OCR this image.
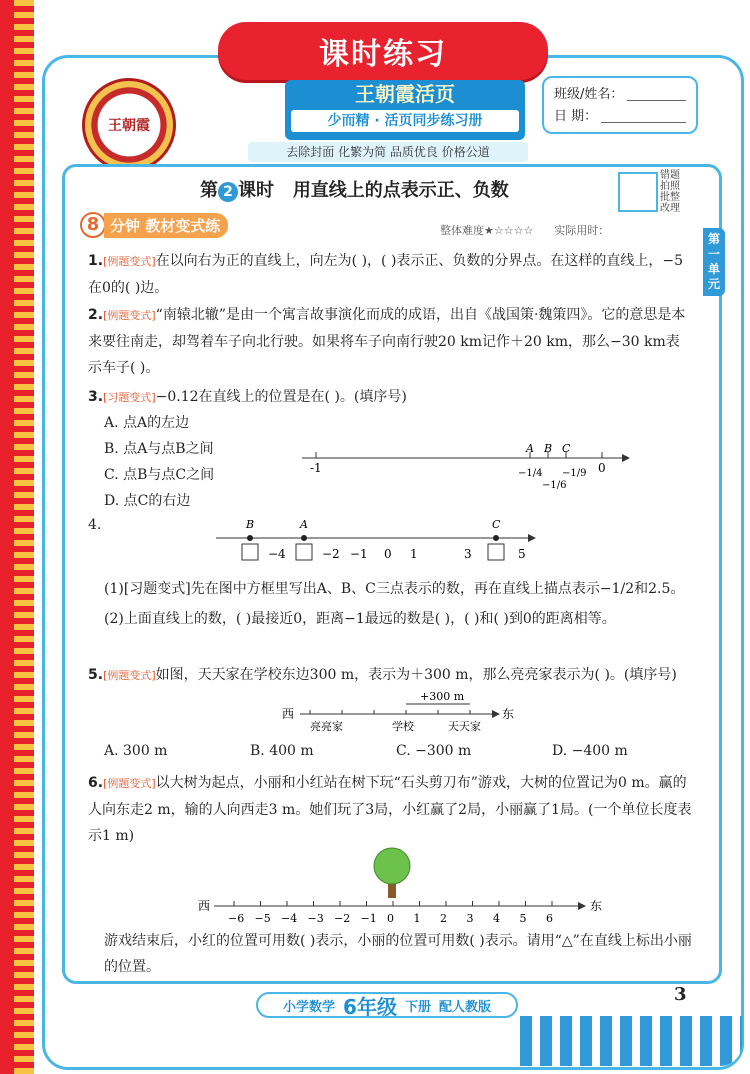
课时练习
王朝霞
王朝霞活页
少而精 · 活页同步练习册
班级/姓名：
日 期：
去除封面 化繁为简 品质优良 价格公道
第 2 课时 用直线上的点表示正、负数
错题
拍照
批整
改理
第一单元
8 分钟 教材变式练	整体难度★☆☆☆☆ 实际用时：
1.[例题变式]在以向右为正的直线上，向左为( )，( )表示正、负数的分界点。在这样的直线上，−5在0的( )边。
2.[例题变式]“南辕北辙”是由一个寓言故事演化而成的成语，出自《战国策·魏策四》。它的意思是本来要往南走，却驾着车子向北行驶。如果将车子向南行驶20 km记作＋20 km，那么−30 km表示车子( )。
3.[习题变式]−0.12在直线上的位置是在( )。(填序号)
A. 点A的左边
B. 点A与点B之间
C. 点B与点C之间
D. 点C的右边
A B C
-1	0
−1/4
−1/6
−1/9
4.	B	A	C
−4	−2 −1 0 1	3	5
(1)[习题变式]先在图中方框里写出A、B、C三点表示的数，再在直线上描点表示−1/2和2.5。
(2)上面直线上的数，( )最接近0，距离−1最远的数是( )，( )和( )到0的距离相等。
5.[例题变式]如图，天天家在学校东边300 m，表示为＋300 m，那么亮亮家表示为( )。(填序号)
西	东
+300 m
亮亮家	学校	天天家
A. 300 m	B. 400 m	C. −300 m	D. −400 m
6.[例题变式]以大树为起点，小丽和小红站在树下玩“石头剪刀布”游戏，大树的位置记为0 m。赢的人向东走2 m，输的人向西走3 m。她们玩了3局，小红赢了2局，小丽赢了1局。(一个单位长度表示1 m)
西	东
−6 −5 −4 −3 −2 −1 0 1 2 3 4 5 6
游戏结束后，小红的位置可用数( )表示，小丽的位置可用数( )表示。请用“△”在直线上标出小丽的位置。
小学数学 6年级 下册 配人教版
3
